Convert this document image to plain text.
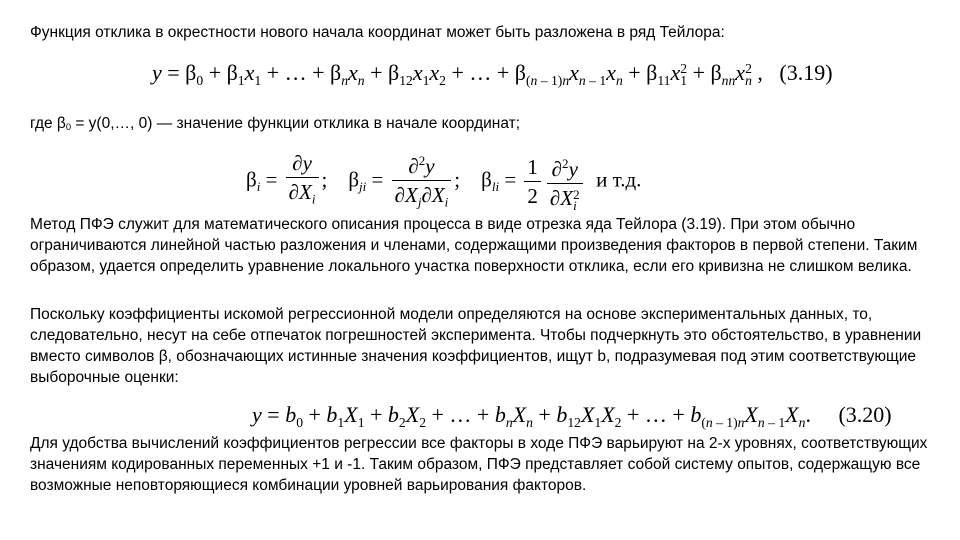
Функция отклика в окрестности нового начала координат может быть разложена в ряд Тейлора:
$y = \beta_0 + \beta_1x_1$ + … + $\beta_nx_n + \beta_{12}x_1x_2$ + … + $\beta_{(n - 1)n}x_{n - 1}x_n + \beta_{11}x$ 2
$1 + \beta_{nn}x$ 2
n ,   (3.19)
где β0 = y(0,…, 0) — значение функции отклика в начале координат;
$\beta_i = \frac{\partial y}{\partial X_i}$ ;    $\beta_{ji} = \frac{\partial^2y}{\partial X_j\partial X_i}$ ;    $\beta_{li} = \frac{1}{2} \partial^2y$
∂X 2
i и т.д.
Метод ПФЭ служит для математического описания процесса в виде отрезка яда Тейлора (3.19). При этом обычно ограничиваются линейной частью разложения и членами, содержащими произведения факторов в первой степени. Таким образом, удается определить уравнение локального участка поверхности отклика, если его кривизна не слишком велика.
Поскольку коэффициенты искомой регрессионной модели определяются на основе экспериментальных данных, то, следовательно, несут на себе отпечаток погрешностей эксперимента. Чтобы подчеркнуть это обстоятельство, в уравнении вместо символов β, обозначающих истинные значения коэффициентов, ищут b, подразумевая под этим соответствующие выборочные оценки:
$y = b_0 + b_1X_1 + b_2X_2$ + … + $b_nX_n + b_{12}X_1X_2$ + … + $b_{(n - 1)n}X_{n - 1}X_n$.     (3.20)
Для удобства вычислений коэффициентов регрессии все факторы в ходе ПФЭ варьируют на 2-х уровнях, соответствующих значениям кодированных переменных +1 и -1. Таким образом, ПФЭ представляет собой систему опытов, содержащую все возможные неповторяющиеся комбинации уровней варьирования факторов.
